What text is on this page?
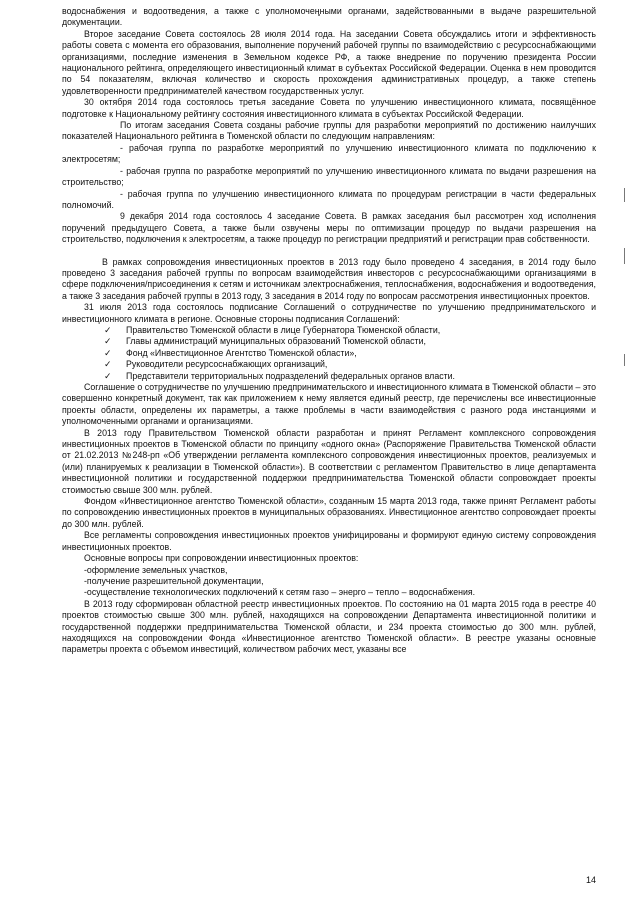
водоснабжения и водоотведения, а также с уполномоченными органами, задействованными в выдаче разрешительной документации.

Второе заседание Совета состоялось 28 июля 2014 года. На заседании Совета обсуждались итоги и эффективность работы совета с момента его образования, выполнение поручений рабочей группы по взаимодействию с ресурсоснабжающими организациями, последние изменения в Земельном кодексе РФ, а также внедрение по поручению президента России национального рейтинга, определяющего инвестиционный климат в субъектах Российской Федерации. Оценка в нем проводится по 54 показателям, включая количество и скорость прохождения административных процедур, а также степень удовлетворенности предпринимателей качеством государственных услуг.

30 октября 2014 года состоялось третья заседание Совета по улучшению инвестиционного климата, посвящённое подготовке к Национальному рейтингу состояния инвестиционного климата в субъектах Российской Федерации.

По итогам заседания Совета созданы рабочие группы для разработки мероприятий по достижению наилучших показателей Национального рейтинга в Тюменской области по следующим направлениям:

- рабочая группа по разработке мероприятий по улучшению инвестиционного климата по подключению к электросетям;

- рабочая группа по разработке мероприятий по улучшению инвестиционного климата по выдачи разрешения на строительство;

- рабочая группа по улучшению инвестиционного климата по процедурам регистрации в части федеральных полномочий.

9 декабря 2014 года состоялось 4 заседание Совета. В рамках заседания был рассмотрен ход исполнения поручений предыдущего Совета, а также были озвучены меры по оптимизации процедур по выдачи разрешения на строительство, подключения к электросетям, а также процедур по регистрации предприятий и регистрации прав собственности.

В рамках сопровождения инвестиционных проектов в 2013 году было проведено 4 заседания, в 2014 году было проведено 3 заседания рабочей группы по вопросам взаимодействия инвесторов с ресурсоснабжающими организациями в сфере подключения/присоединения к сетям и источникам электроснабжения, теплоснабжения, водоснабжения и водоотведения, а также 3 заседания рабочей группы в 2013 году, 3 заседания в 2014 году по вопросам рассмотрения инвестиционных проектов.

31 июля 2013 года состоялось подписание Соглашений о сотрудничестве по улучшению предпринимательского и инвестиционного климата в регионе. Основные стороны подписания Соглашений:

✓ Правительство Тюменской области в лице Губернатора Тюменской области,
✓ Главы администраций муниципальных образований Тюменской области,
✓ Фонд «Инвестиционное Агентство Тюменской области»,
✓ Руководители ресурсоснабжающих организаций,
✓ Представители территориальных подразделений федеральных органов власти.

Соглашение о сотрудничестве по улучшению предпринимательского и инвестиционного климата в Тюменской области – это совершенно конкретный документ, так как приложением к нему является единый реестр, где перечислены все инвестиционные проекты области, определены их параметры, а также проблемы в части взаимодействия с разного рода инстанциями и уполномоченными органами и организациями.

В 2013 году Правительством Тюменской области разработан и принят Регламент комплексного сопровождения инвестиционных проектов в Тюменской области по принципу «одного окна» (Распоряжение Правительства Тюменской области от 21.02.2013 №248-рп «Об утверждении регламента комплексного сопровождения инвестиционных проектов, реализуемых и (или) планируемых к реализации в Тюменской области»). В соответствии с регламентом Правительство в лице департамента инвестиционной политики и государственной поддержки предпринимательства Тюменской области сопровождает проекты стоимостью свыше 300 млн. рублей.

Фондом «Инвестиционное агентство Тюменской области», созданным 15 марта 2013 года, также принят Регламент работы по сопровождению инвестиционных проектов в муниципальных образованиях. Инвестиционное агентство сопровождает проекты до 300 млн. рублей.

Все регламенты сопровождения инвестиционных проектов унифицированы и формируют единую систему сопровождения инвестиционных проектов.

Основные вопросы при сопровождении инвестиционных проектов:

-оформление земельных участков,

-получение разрешительной документации,

-осуществление технологических подключений к сетям газо – энерго – тепло – водоснабжения.

В 2013 году сформирован областной реестр инвестиционных проектов. По состоянию на 01 марта 2015 года в реестре 40 проектов стоимостью свыше 300 млн. рублей, находящихся на сопровождении Департамента инвестиционной политики и государственной поддержки предпринимательства Тюменской области, и 234 проекта стоимостью до 300 млн. рублей, находящихся на сопровождении Фонда «Инвестиционное агентство Тюменской области». В реестре указаны основные параметры проекта с объемом инвестиций, количеством рабочих мест, указаны все

14
